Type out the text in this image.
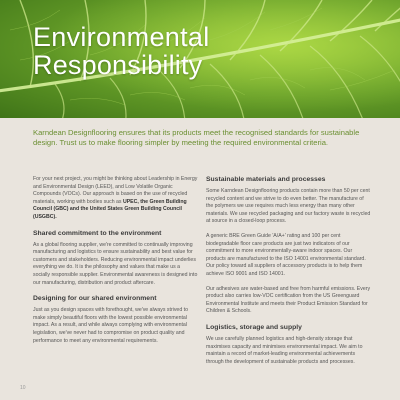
Environmental
Responsibility
Karndean Designflooring ensures that its products meet the recognised standards for sustainable design. Trust us to make flooring simpler by meeting the required environmental criteria.

For your next project, you might be thinking about Leadership in Energy and Environmental Design (LEED), and Low Volatile Organic Compounds (VOCs). Our approach is based on the use of recycled materials, working with bodies such as UPEC, the Green Building Council (GBC) and the United States Green Building Council (USGBC).

Shared commitment to the environment

As a global flooring supplier, we're committed to continually improving manufacturing and logistics to ensure sustainability and best value for customers and stakeholders. Reducing environmental impact underlies everything we do. It is the philosophy and values that make us a socially responsible supplier. Environmental awareness is designed into our manufacturing, distribution and product aftercare.

Designing for our shared environment

Just as you design spaces with forethought, we've always strived to make simply beautiful floors with the lowest possible environmental impact. As a result, and while always complying with environmental legislation, we've never had to compromise on product quality and performance to meet any environmental requirements.

Sustainable materials and processes

Some Karndean Designflooring products contain more than 50 per cent recycled content and we strive to do even better. The manufacture of the polymers we use requires much less energy than many other materials. We use recycled packaging and our factory waste is recycled at source in a closed-loop process.

A generic BRE Green Guide 'A/A+' rating and 100 per cent biodegradable floor care products are just two indicators of our commitment to more environmentally-aware indoor spaces. Our products are manufactured to the ISO 14001 environmental standard. Our policy toward all suppliers of accessory products is to help them achieve ISO 9001 and ISO 14001.

Our adhesives are water-based and free from harmful emissions. Every product also carries low-VOC certification from the US Greenguard Environmental Institute and meets their Product Emission Standard for Children & Schools.

Logistics, storage and supply

We use carefully planned logistics and high-density storage that maximises capacity and minimises environmental impact. We aim to maintain a record of market-leading environmental achievements through the development of sustainable products and processes.

10
